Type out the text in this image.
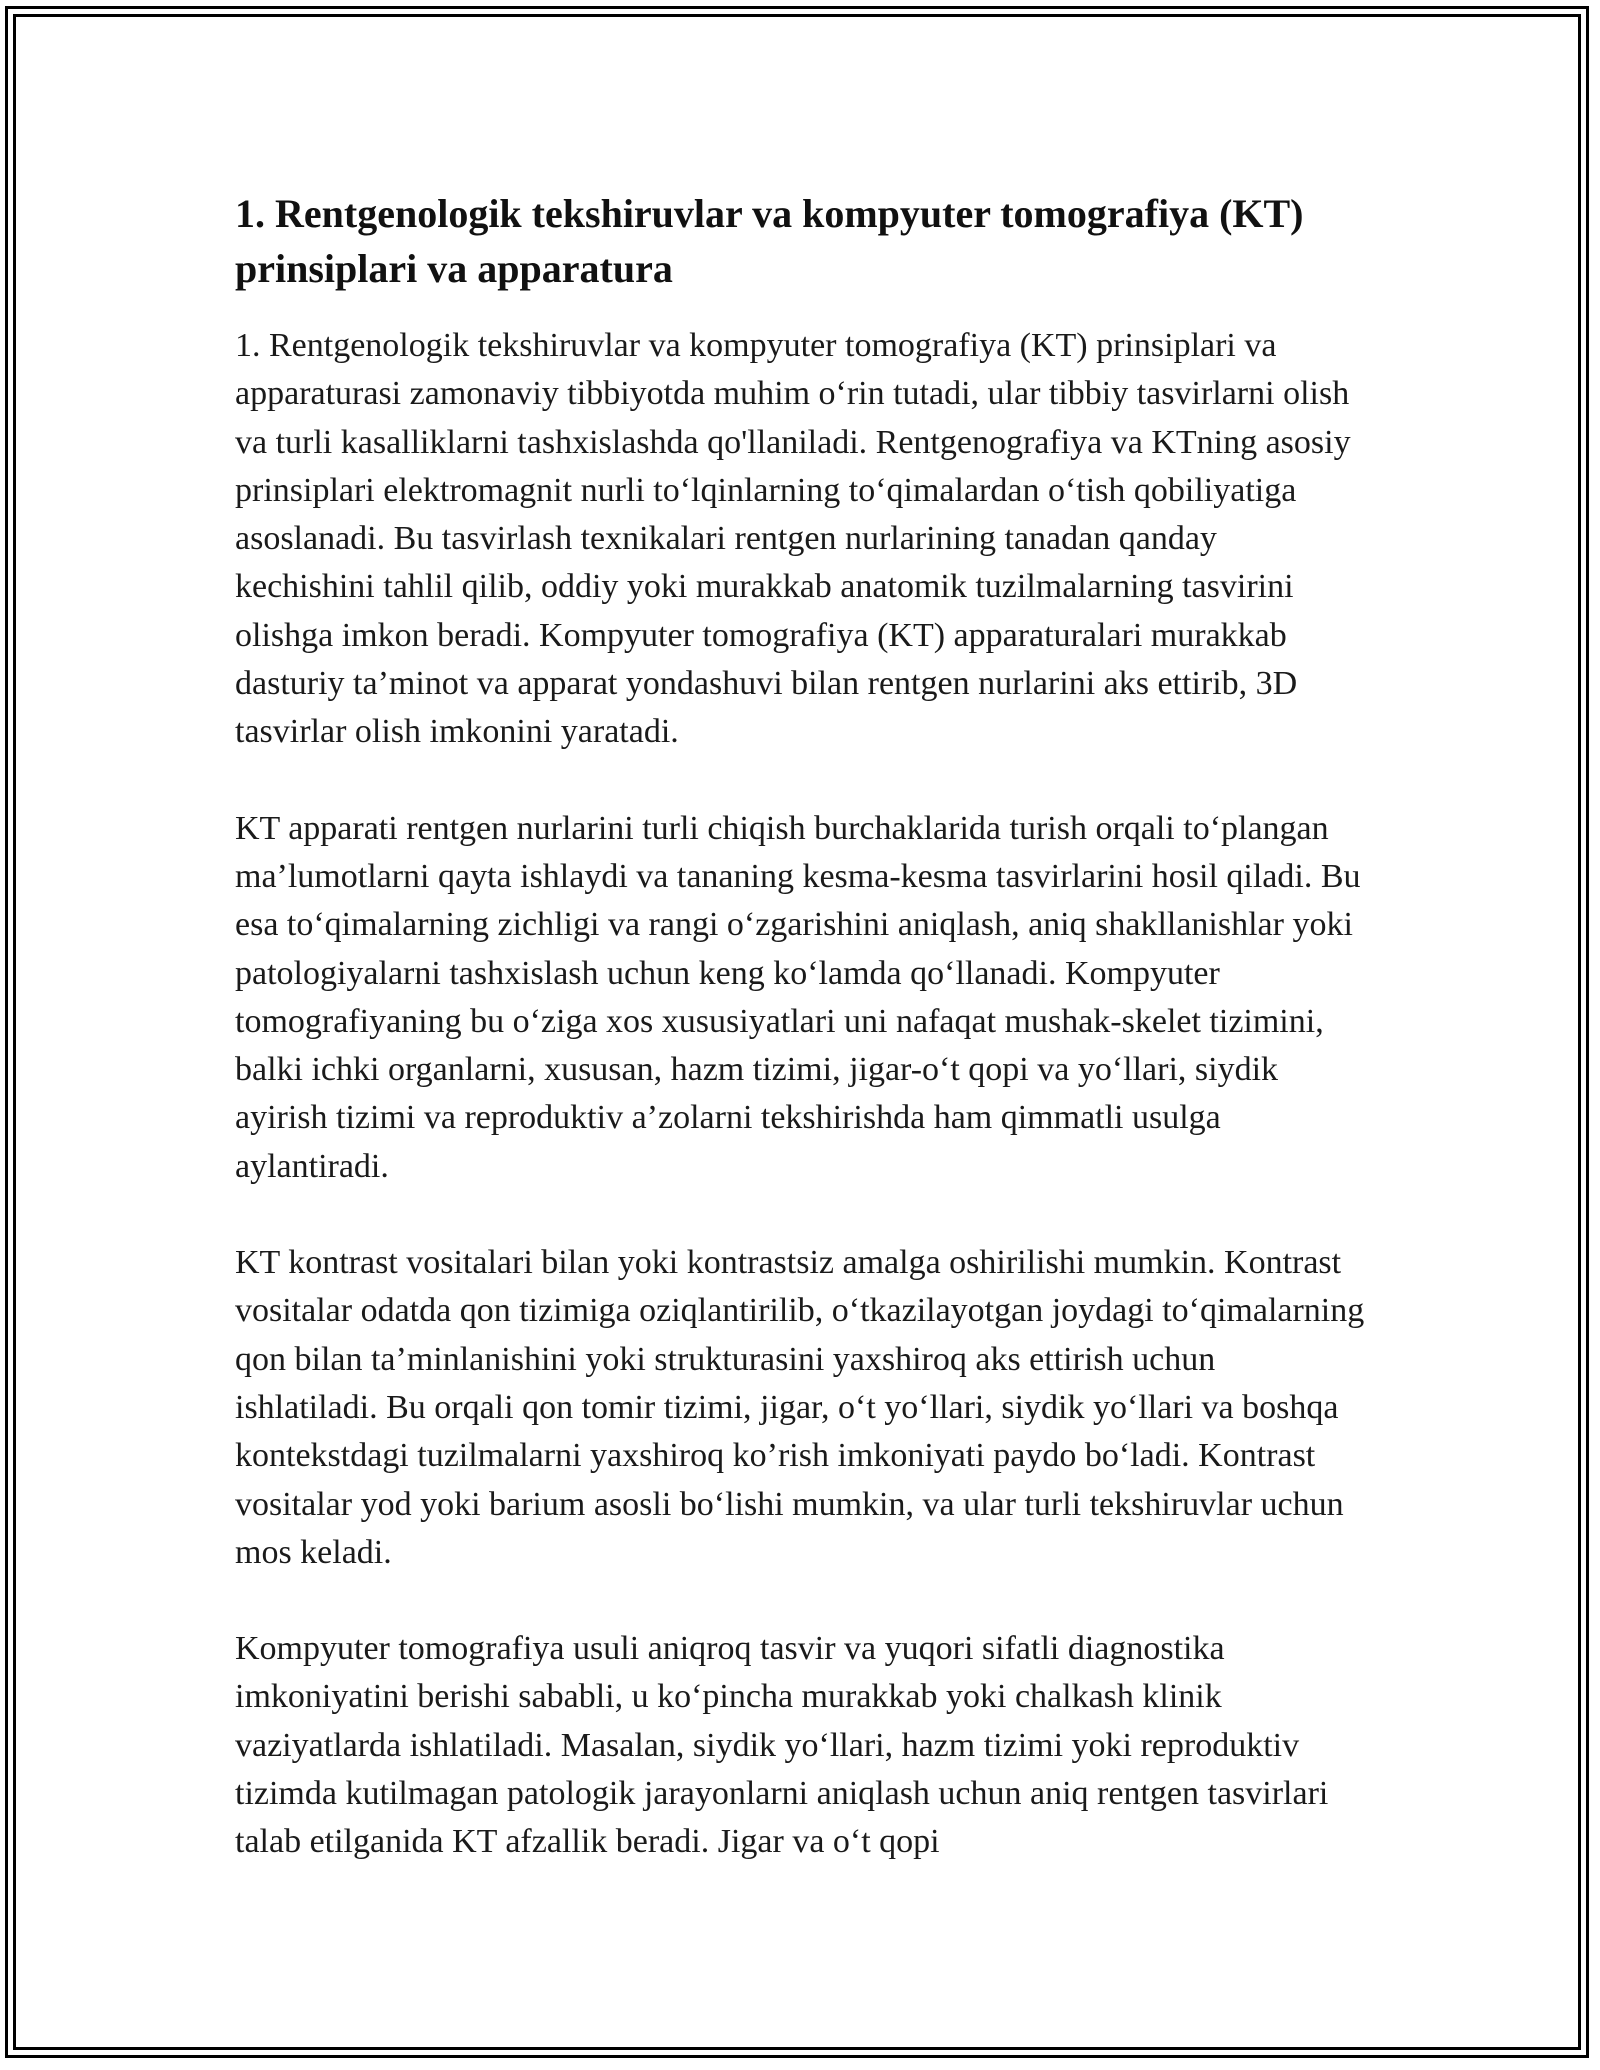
1. Rentgenologik tekshiruvlar va kompyuter tomografiya (KT) prinsiplari va apparatura

1. Rentgenologik tekshiruvlar va kompyuter tomografiya (KT) prinsiplari va apparaturasi zamonaviy tibbiyotda muhim o‘rin tutadi, ular tibbiy tasvirlarni olish va turli kasalliklarni tashxislashda qo'llaniladi. Rentgenografiya va KTning asosiy prinsiplari elektromagnit nurli to‘lqinlarning to‘qimalardan o‘tish qobiliyatiga asoslanadi. Bu tasvirlash texnikalari rentgen nurlarining tanadan qanday kechishini tahlil qilib, oddiy yoki murakkab anatomik tuzilmalarning tasvirini olishga imkon beradi. Kompyuter tomografiya (KT) apparaturalari murakkab dasturiy ta’minot va apparat yondashuvi bilan rentgen nurlarini aks ettirib, 3D tasvirlar olish imkonini yaratadi.

KT apparati rentgen nurlarini turli chiqish burchaklarida turish orqali to‘plangan ma’lumotlarni qayta ishlaydi va tananing kesma-kesma tasvirlarini hosil qiladi. Bu esa to‘qimalarning zichligi va rangi o‘zgarishini aniqlash, aniq shakllanishlar yoki patologiyalarni tashxislash uchun keng ko‘lamda qo‘llanadi. Kompyuter tomografiyaning bu o‘ziga xos xususiyatlari uni nafaqat mushak-skelet tizimini, balki ichki organlarni, xususan, hazm tizimi, jigar-o‘t qopi va yo‘llari, siydik ayirish tizimi va reproduktiv a’zolarni tekshirishda ham qimmatli usulga aylantiradi.

KT kontrast vositalari bilan yoki kontrastsiz amalga oshirilishi mumkin. Kontrast vositalar odatda qon tizimiga oziqlantirilib, o‘tkazilayotgan joydagi to‘qimalarning qon bilan ta’minlanishini yoki strukturasini yaxshiroq aks ettirish uchun ishlatiladi. Bu orqali qon tomir tizimi, jigar, o‘t yo‘llari, siydik yo‘llari va boshqa kontekstdagi tuzilmalarni yaxshiroq ko’rish imkoniyati paydo bo‘ladi. Kontrast vositalar yod yoki barium asosli bo‘lishi mumkin, va ular turli tekshiruvlar uchun mos keladi.

Kompyuter tomografiya usuli aniqroq tasvir va yuqori sifatli diagnostika imkoniyatini berishi sababli, u ko‘pincha murakkab yoki chalkash klinik vaziyatlarda ishlatiladi. Masalan, siydik yo‘llari, hazm tizimi yoki reproduktiv tizimda kutilmagan patologik jarayonlarni aniqlash uchun aniq rentgen tasvirlari talab etilganida KT afzallik beradi. Jigar va o‘t qopi
